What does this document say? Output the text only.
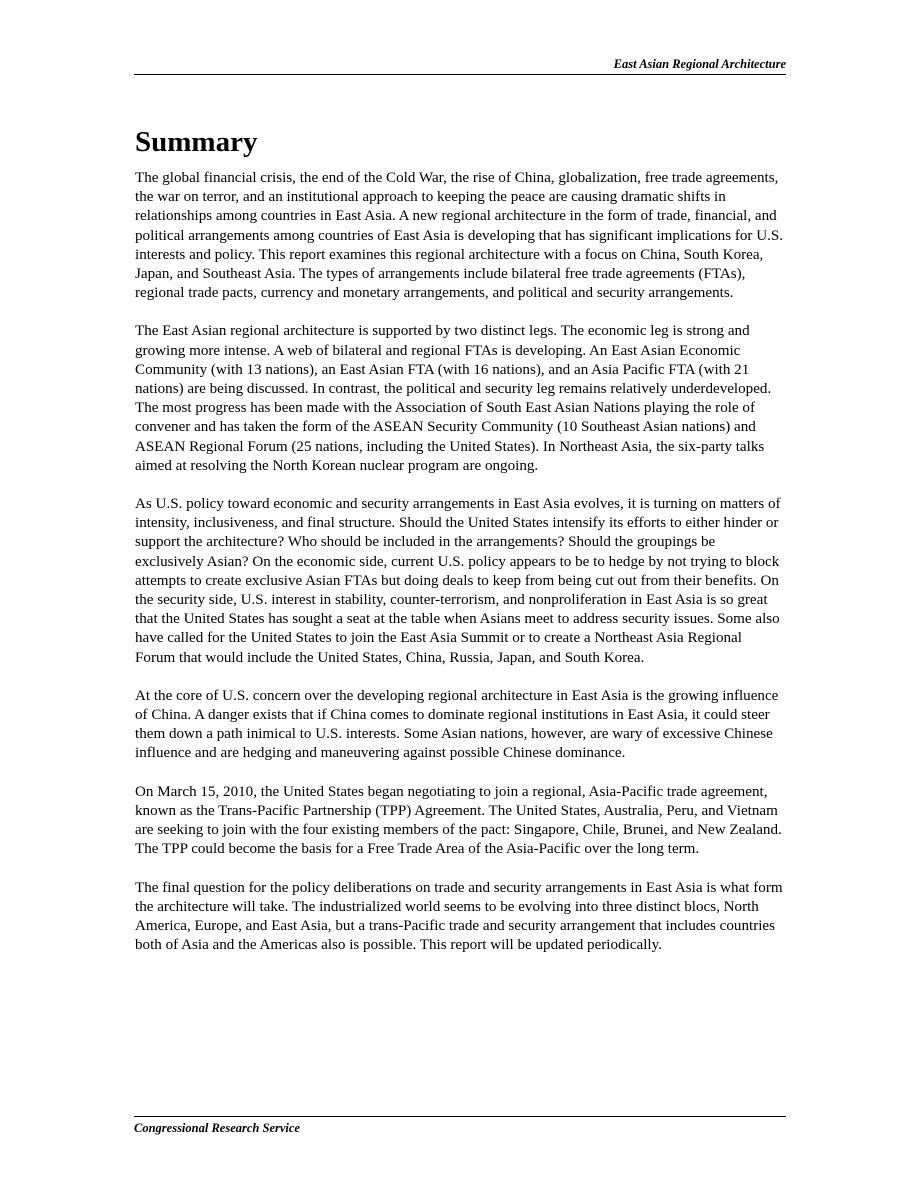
East Asian Regional Architecture
Summary

The global financial crisis, the end of the Cold War, the rise of China, globalization, free trade agreements, the war on terror, and an institutional approach to keeping the peace are causing dramatic shifts in relationships among countries in East Asia. A new regional architecture in the form of trade, financial, and political arrangements among countries of East Asia is developing that has significant implications for U.S. interests and policy. This report examines this regional architecture with a focus on China, South Korea, Japan, and Southeast Asia. The types of arrangements include bilateral free trade agreements (FTAs), regional trade pacts, currency and monetary arrangements, and political and security arrangements.

The East Asian regional architecture is supported by two distinct legs. The economic leg is strong and growing more intense. A web of bilateral and regional FTAs is developing. An East Asian Economic Community (with 13 nations), an East Asian FTA (with 16 nations), and an Asia Pacific FTA (with 21 nations) are being discussed. In contrast, the political and security leg remains relatively underdeveloped. The most progress has been made with the Association of South East Asian Nations playing the role of convener and has taken the form of the ASEAN Security Community (10 Southeast Asian nations) and ASEAN Regional Forum (25 nations, including the United States). In Northeast Asia, the six-party talks aimed at resolving the North Korean nuclear program are ongoing.

As U.S. policy toward economic and security arrangements in East Asia evolves, it is turning on matters of intensity, inclusiveness, and final structure. Should the United States intensify its efforts to either hinder or support the architecture? Who should be included in the arrangements? Should the groupings be exclusively Asian? On the economic side, current U.S. policy appears to be to hedge by not trying to block attempts to create exclusive Asian FTAs but doing deals to keep from being cut out from their benefits. On the security side, U.S. interest in stability, counter-terrorism, and nonproliferation in East Asia is so great that the United States has sought a seat at the table when Asians meet to address security issues. Some also have called for the United States to join the East Asia Summit or to create a Northeast Asia Regional Forum that would include the United States, China, Russia, Japan, and South Korea.

At the core of U.S. concern over the developing regional architecture in East Asia is the growing influence of China. A danger exists that if China comes to dominate regional institutions in East Asia, it could steer them down a path inimical to U.S. interests. Some Asian nations, however, are wary of excessive Chinese influence and are hedging and maneuvering against possible Chinese dominance.

On March 15, 2010, the United States began negotiating to join a regional, Asia-Pacific trade agreement, known as the Trans-Pacific Partnership (TPP) Agreement. The United States, Australia, Peru, and Vietnam are seeking to join with the four existing members of the pact: Singapore, Chile, Brunei, and New Zealand. The TPP could become the basis for a Free Trade Area of the Asia-Pacific over the long term.

The final question for the policy deliberations on trade and security arrangements in East Asia is what form the architecture will take. The industrialized world seems to be evolving into three distinct blocs, North America, Europe, and East Asia, but a trans-Pacific trade and security arrangement that includes countries both of Asia and the Americas also is possible. This report will be updated periodically.

Congressional Research Service
